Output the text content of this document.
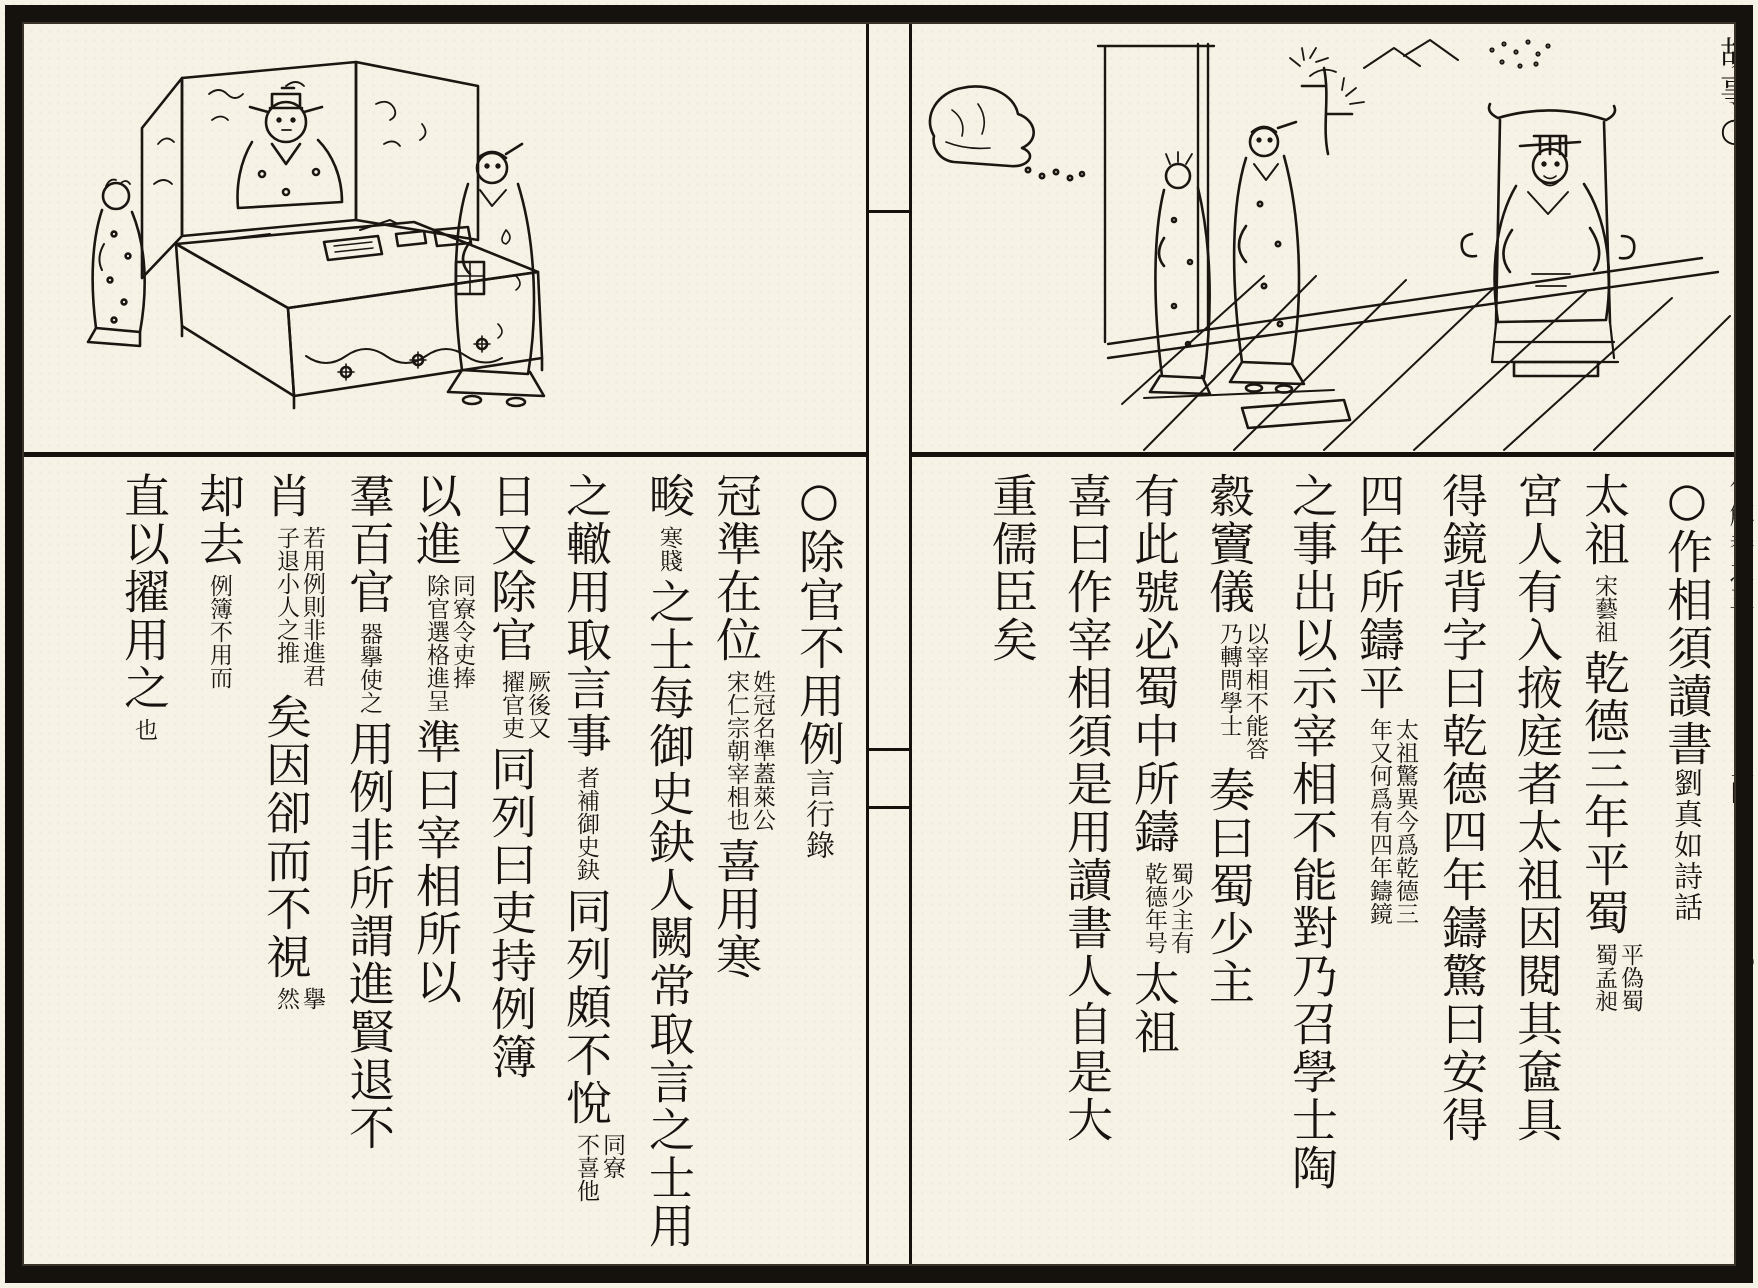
故事○
句解卷之三
二四
○
○作相須讀書劉真如詩話
太祖
宋藝祖
乾德三年平蜀
平偽蜀
蜀孟昶
宮人有入掖庭者太祖因閱其奩具
得鏡背字曰乾德四年鑄驚曰安得
四年所鑄平
太祖驚異今爲乾德三
年又何爲有四年鑄鏡
之事出以示宰相不能對乃召學士陶
縠竇儀
以宰相不能答
乃轉問學士
奏曰蜀少主
有此號必蜀中所鑄
蜀少主有
乾德年号
太祖
喜曰作宰相須是用讀書人自是大
重儒臣矣
○除官不用例言行錄
冠準在位
姓冠名準蓋萊公
宋仁宗朝宰相也
喜用寒
畯
寒賤
之士每御史鈌人闕常取言之士用
之轍用取言事
者補御史鈌
同列頗不悅
同寮
不喜他
日又除官
厥後又
擢官吏
同列曰吏持例簿
以進
同寮令吏捧
除官選格進呈
準曰宰相所以
羣百官
器擧使之
用例非所謂進賢退不
肖
若用例則非進君
子退小人之推
矣因卻而不視
擧
然
却去
例簿不用而
直以擢用之
也
